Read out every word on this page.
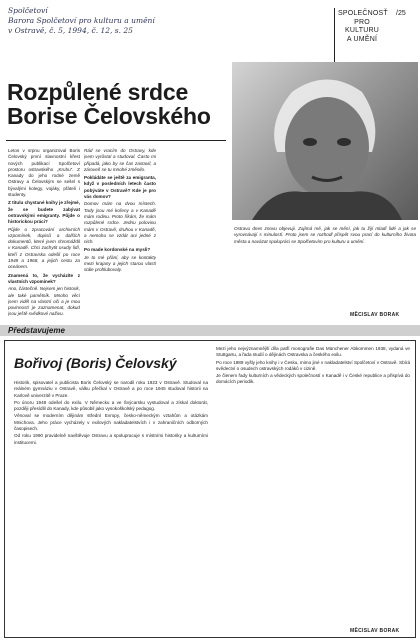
Spolčetoví
Barora Spolčetoví pro kulturu a umění
v Ostravě, č. 5, 1994, č. 12, s. 25
SPOLEČNOSŤ
PRO KULTURU
A UMĚNÍ
/25
Rozpůlené srdce
Borise Čelovského

Letos v srpnu organizoval Boris Čelovský první slavnostní křest nových publikací Spolčetoví prostoru ostravského „Kruhu“. Z Kanady do jeho rodné země Ostravy a Čelovským se sešel s bývalými kolegy, vojáky, přáteli i studenty.

Z titulu chystané knihy je zřejmé, že se budete zabývat ostravskými emigranty. Půjde o historickou práci?

Půjde o zpracování archivních vzpomínek, dopisů a dalších dokumentů, které jsem shromáždil v Kanadě. Chci zachytit osudy lidí, kteří z Ostravska odešli po roce 1948 a 1968, a jejich cestu za oceánem.

Znamená to, že vycházíte z vlastních vzpomínek?

Ano, částečně. Nejsem jen historik, ale také pamětník. Mnoho věcí jsem viděl na vlastní oči a je mou povinností je zaznamenat, dokud jsou ještě svědkové naživu.

Rád se vracím do Ostravy, kde jsem vyrůstal a studoval. Často mi připadá, jako by se čas zastavil, a zároveň se tu mnohé změnilo.

Pokládáte se ještě za emigranta, když v posledních letech často pobýváte v Ostravě? Kde je pro vás domov?

Domov mám na dvou místech. Tady jsou mé kořeny a v Kanadě mám rodinu. Proto říkám, že mám rozpůlené srdce. Jednu polovinu mám v Ostravě, druhou v Kanadě, a nemohu se vzdát ani jedné z nich.

Po made kordonské na mysli?

Je to mé přání, aby se kontakty mezi krajany a jejich starou vlastí stále prohlubovaly.

Ostravu dnes znovu objevuji. Zajímá mě, jak se mění, jak tu žijí mladí lidé a jak se vyrovnávají s minulostí. Proto jsem se rozhodl přispět svou prací do kulturního života města a navázat spolupráci se Spolčetovím pro kulturu a umění.

MĚCISLAV BORAK
Představujeme
Bořivoj (Boris) Čelovský

Historik, spisovatel a publicista Boris Čelovský se narodil roku 1923 v Ostravě. Studoval na reálném gymnáziu v Ostravě, válku přečkal v Ostravě a po roce 1945 studoval historii na Karlově univerzitě v Praze.

Po únoru 1948 odešel do exilu. V Německu a ve Švýcarsku vystudoval a získal doktorát, později přesídlil do Kanady, kde působil jako vysokoškolský pedagog.

Věnoval se moderním dějinám střední Evropy, česko-německým vztahům a otázkám Mnichova. Jeho práce vycházely v exilových nakladatelstvích i v zahraničních odborných časopisech.

Od roku 1990 pravidelně navštěvuje Ostravu a spolupracuje s místními historiky a kulturními institucemi.

Mezi jeho nejvýznamnější díla patří monografie Das Münchener Abkommen 1938, vydaná ve Stuttgartu, a řada studií o dějinách Ostravska a českého exilu.

Po roce 1989 vyšly jeho knihy i v Česku, mimo jiné v nakladatelství Spolčetoví v Ostravě. Sbírá svědectví o osudech ostravských rodáků v cizině.

Je členem řady kulturních a vědeckých společností v Kanadě i v České republice a přispívá do domácích periodik.

MĚCISLAV BORAK
